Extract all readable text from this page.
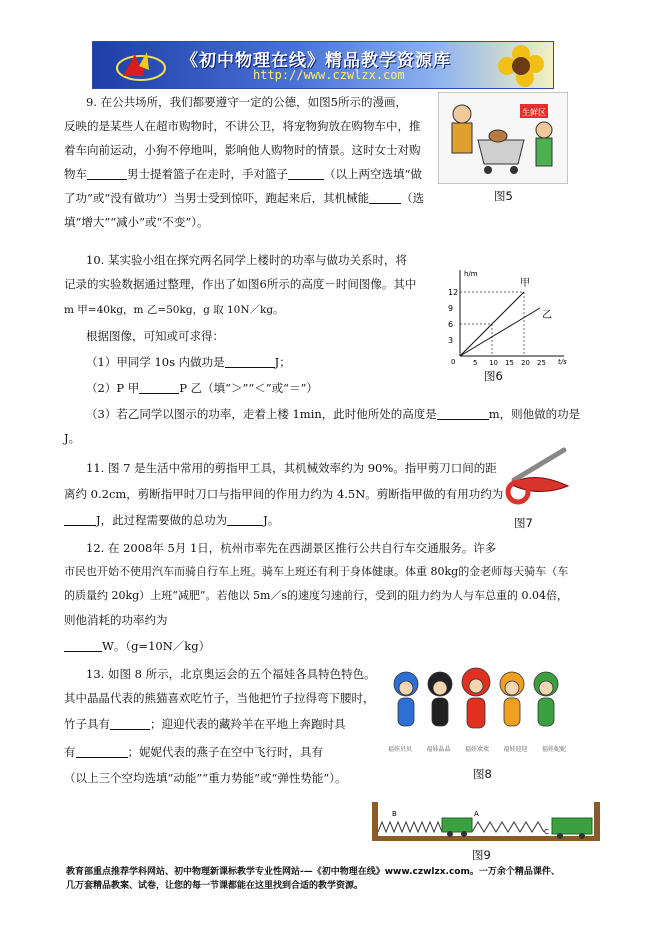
《初中物理在线》精品教学资源库
http://www.czwlzx.com

9. 在公共场所，我们都要遵守一定的公德，如图5所示的漫画，

反映的是某些人在超市购物时，不讲公卫，将宠物狗放在购物车中，推

着车向前运动，小狗不停地叫，影响他人购物时的情景。这时女士对购

物车	男士提着篮子在走时，手对篮子	（以上两空选填“做

了功”或“没有做功”）当男士受到惊吓，跑起来后，其机械能	（选

填“增大”“减小”或“不变”）。

生鲜区
图5

10. 某实验小组在探究两名同学上楼时的功率与做功关系时，将

记录的实验数据通过整理，作出了如图6所示的高度－时间图像。其中

m 甲=40kg，m 乙=50kg，g 取 10N／kg。

根据图像，可知或可求得：

（1）甲同学 10s 内做功是	J；

（2）P 甲	P 乙（填“＞”“＜”或“＝”）

（3）若乙同学以图示的功率，走着上楼 1min，此时他所处的高度是	m，则他做的功是

J。

h/m
t/s
0	5 10 15 20 25
3
6
9
12
甲
乙
图6

11. 图 7 是生活中常用的剪指甲工具，其机械效率约为 90%。指甲剪刀口间的距

离约 0.2cm，剪断指甲时刀口与指甲间的作用力约为 4.5N。剪断指甲做的有用功约为

J，此过程需要做的总功为	J。	图7

12. 在 2008年 5月 1日，杭州市率先在西湖景区推行公共自行车交通服务。许多

市民也开始不使用汽车而骑自行车上班。骑车上班还有利于身体健康。体重 80kg的金老师每天骑车（车

的质量约 20kg）上班“减肥”。若他以 5m／s的速度匀速前行，受到的阻力约为人与车总重的 0.04倍，

则他消耗的功率约为

W。（g=10N／kg）

13. 如图 8 所示，北京奥运会的五个福娃各具特色特色。

其中晶晶代表的熊猫喜欢吃竹子，当他把竹子拉得弯下腰时，

竹子具有	；迎迎代表的藏羚羊在平地上奔跑时具

有	；妮妮代表的燕子在空中飞行时，具有

（以上三个空均选填“动能”“重力势能”或“弹性势能”）。

福娃贝贝 福娃晶晶 福娃欢欢 福娃迎迎 福娃妮妮
图8
B	A
C
图9
教育部重点推荐学科网站、初中物理新课标教学专业性网站-—《初中物理在线》www.czwlzx.com。一万余个精品课件、
几万套精品教案、试卷，让您的每一节课都能在这里找到合适的教学资源。
